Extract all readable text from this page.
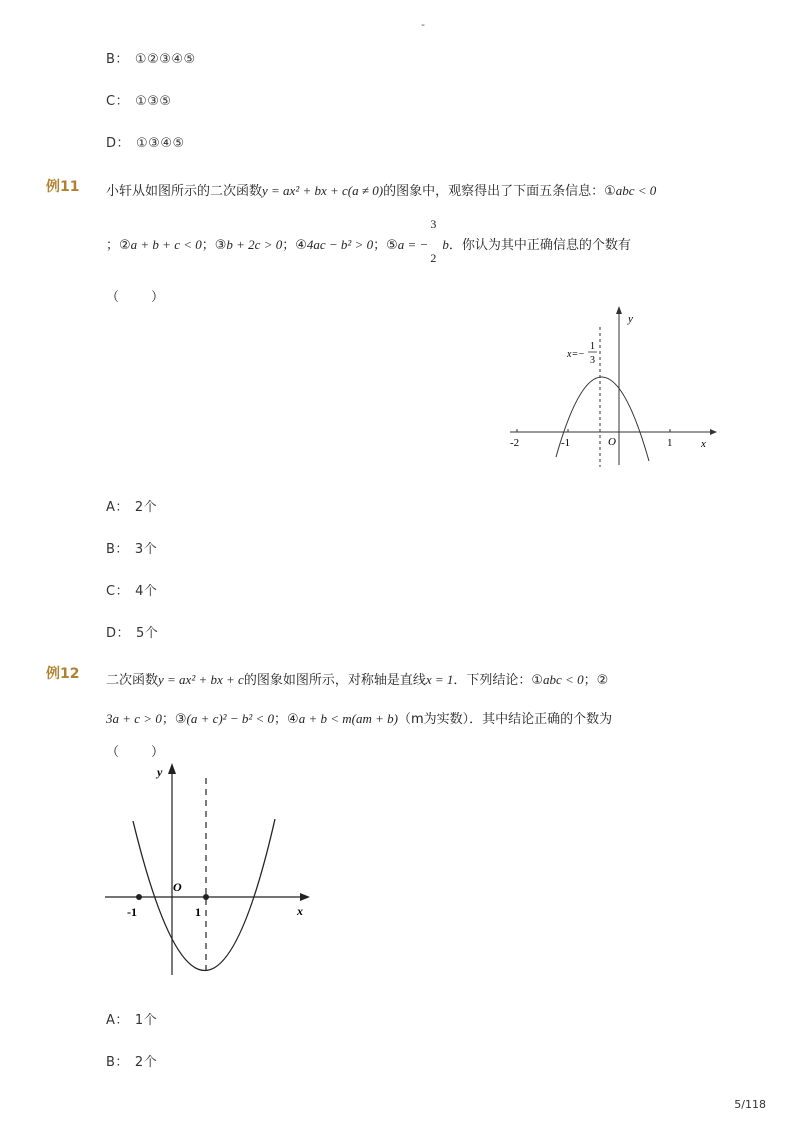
-
B： ①②③④⑤
C： ①③⑤
D： ①③④⑤
例11 小轩从如图所示的二次函数y = ax² + bx + c(a ≠ 0)的图象中，观察得出了下面五条信息：①abc < 0
；②a + b + c < 0；③b + 2c > 0；④4ac − b² > 0；⑤a = −
3
2
b．你认为其中正确信息的个数有
（　　）
-2	-1	O	1	x
y
x=−
1
3
A： 2个
B： 3个
C： 4个
D： 5个
例12 二次函数y = ax² + bx + c的图象如图所示，对称轴是直线x = 1．下列结论：①abc < 0；②
3a + c > 0；③(a + c)² − b² < 0；④a + b < m(am + b)（m为实数）．其中结论正确的个数为
（　　）
-1	1
O
x
y
A： 1个
B： 2个
5/118
